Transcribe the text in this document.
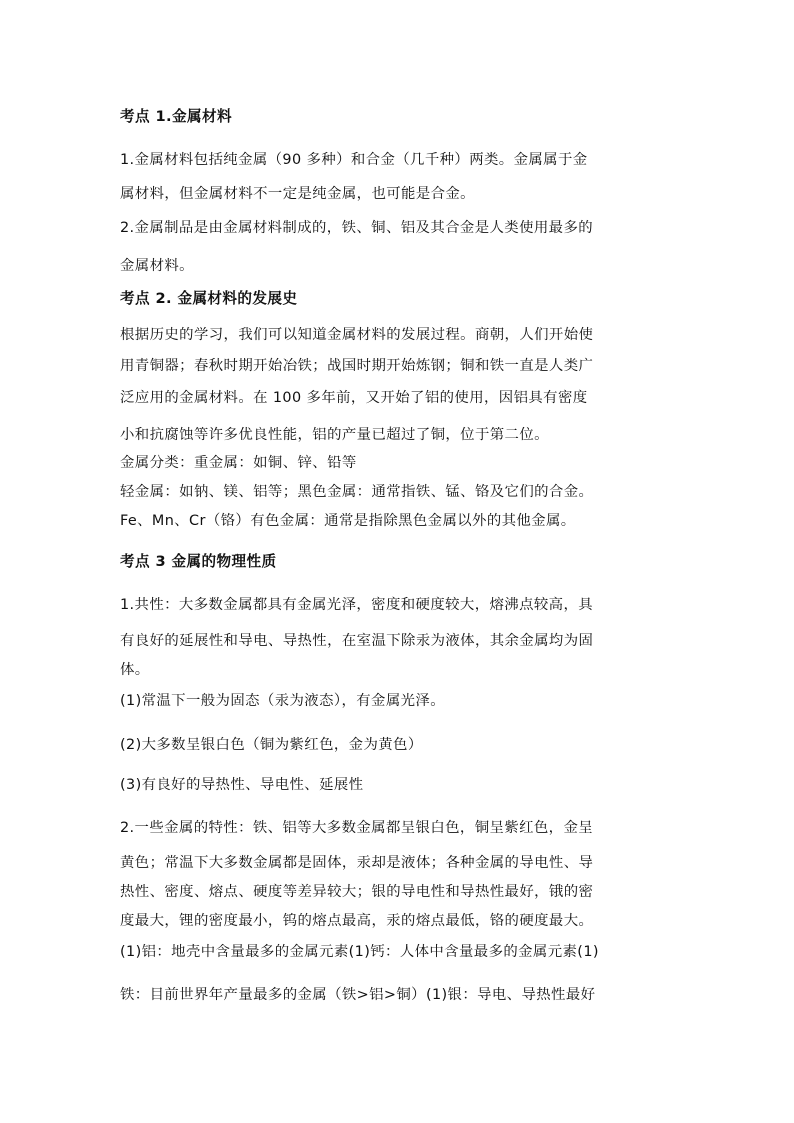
考点 1.金属材料
1.金属材料包括纯金属（90 多种）和合金（几千种）两类。金属属于金
属材料，但金属材料不一定是纯金属，也可能是合金。
2.金属制品是由金属材料制成的，铁、铜、铝及其合金是人类使用最多的
金属材料。
考点 2. 金属材料的发展史
根据历史的学习，我们可以知道金属材料的发展过程。商朝，人们开始使
用青铜器；春秋时期开始冶铁；战国时期开始炼钢；铜和铁一直是人类广
泛应用的金属材料。在 100 多年前，又开始了铝的使用，因铝具有密度
小和抗腐蚀等许多优良性能，铝的产量已超过了铜，位于第二位。
金属分类：重金属：如铜、锌、铅等
轻金属：如钠、镁、铝等；黑色金属：通常指铁、锰、铬及它们的合金。
Fe、Mn、Cr（铬）有色金属：通常是指除黑色金属以外的其他金属。
考点 3 金属的物理性质
1.共性：大多数金属都具有金属光泽，密度和硬度较大，熔沸点较高，具
有良好的延展性和导电、导热性，在室温下除汞为液体，其余金属均为固
体。
(1)常温下一般为固态（汞为液态），有金属光泽。
(2)大多数呈银白色（铜为紫红色，金为黄色）
(3)有良好的导热性、导电性、延展性
2.一些金属的特性：铁、铝等大多数金属都呈银白色，铜呈紫红色，金呈
黄色；常温下大多数金属都是固体，汞却是液体；各种金属的导电性、导
热性、密度、熔点、硬度等差异较大；银的导电性和导热性最好，锇的密
度最大，锂的密度最小，钨的熔点最高，汞的熔点最低，铬的硬度最大。
(1)铝：地壳中含量最多的金属元素(1)钙：人体中含量最多的金属元素(1)
铁：目前世界年产量最多的金属（铁>铝>铜）(1)银：导电、导热性最好
